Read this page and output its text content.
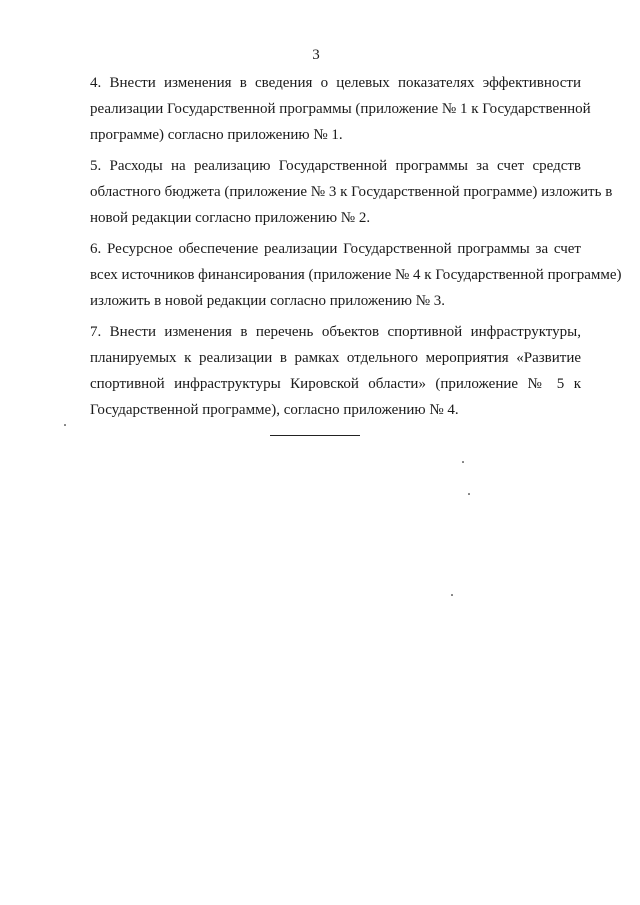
3

4. Внести изменения в сведения о целевых показателях эффективности
реализации Государственной программы (приложение № 1 к Государственной
программе) согласно приложению № 1.

5. Расходы на реализацию Государственной программы за счет средств
областного бюджета (приложение № 3 к Государственной программе) изложить в
новой редакции согласно приложению № 2.

6. Ресурсное обеспечение реализации Государственной программы за счет
всех источников финансирования (приложение № 4 к Государственной программе)
изложить в новой редакции согласно приложению № 3.

7. Внести изменения в перечень объектов спортивной инфраструктуры,
планируемых к реализации в рамках отдельного мероприятия «Развитие
спортивной инфраструктуры Кировской области» (приложение № 5 к
Государственной программе), согласно приложению № 4.
